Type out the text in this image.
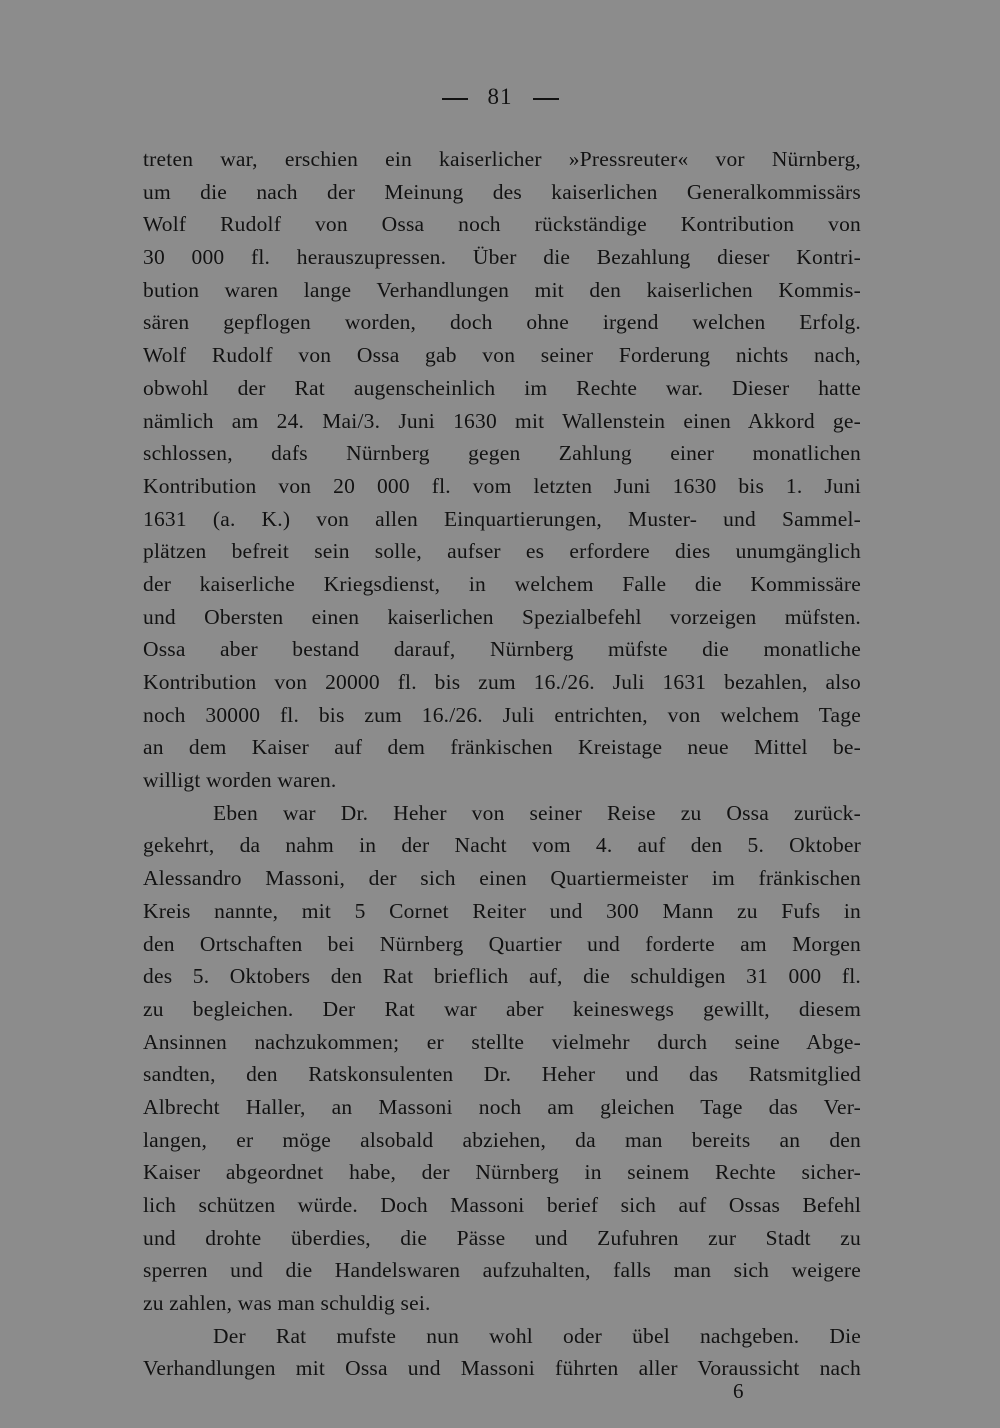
81
treten war, erschien ein kaiserlicher »Pressreuter« vor Nürnberg,
um die nach der Meinung des kaiserlichen Generalkommissärs
Wolf Rudolf von Ossa noch rückständige Kontribution von
30 000 fl. herauszupressen. Über die Bezahlung dieser Kontri-
bution waren lange Verhandlungen mit den kaiserlichen Kommis-
sären gepflogen worden, doch ohne irgend welchen Erfolg.
Wolf Rudolf von Ossa gab von seiner Forderung nichts nach,
obwohl der Rat augenscheinlich im Rechte war. Dieser hatte
nämlich am 24. Mai/3. Juni 1630 mit Wallenstein einen Akkord ge-
schlossen, dafs Nürnberg gegen Zahlung einer monatlichen
Kontribution von 20 000 fl. vom letzten Juni 1630 bis 1. Juni
1631 (a. K.) von allen Einquartierungen, Muster- und Sammel-
plätzen befreit sein solle, aufser es erfordere dies unumgänglich
der kaiserliche Kriegsdienst, in welchem Falle die Kommissäre
und Obersten einen kaiserlichen Spezialbefehl vorzeigen müfsten.
Ossa aber bestand darauf, Nürnberg müfste die monatliche
Kontribution von 20000 fl. bis zum 16./26. Juli 1631 bezahlen, also
noch 30000 fl. bis zum 16./26. Juli entrichten, von welchem Tage
an dem Kaiser auf dem fränkischen Kreistage neue Mittel be-
willigt worden waren.
Eben war Dr. Heher von seiner Reise zu Ossa zurück-
gekehrt, da nahm in der Nacht vom 4. auf den 5. Oktober
Alessandro Massoni, der sich einen Quartiermeister im fränkischen
Kreis nannte, mit 5 Cornet Reiter und 300 Mann zu Fufs in
den Ortschaften bei Nürnberg Quartier und forderte am Morgen
des 5. Oktobers den Rat brieflich auf, die schuldigen 31 000 fl.
zu begleichen. Der Rat war aber keineswegs gewillt, diesem
Ansinnen nachzukommen; er stellte vielmehr durch seine Abge-
sandten, den Ratskonsulenten Dr. Heher und das Ratsmitglied
Albrecht Haller, an Massoni noch am gleichen Tage das Ver-
langen, er möge alsobald abziehen, da man bereits an den
Kaiser abgeordnet habe, der Nürnberg in seinem Rechte sicher-
lich schützen würde. Doch Massoni berief sich auf Ossas Befehl
und drohte überdies, die Pässe und Zufuhren zur Stadt zu
sperren und die Handelswaren aufzuhalten, falls man sich weigere
zu zahlen, was man schuldig sei.
Der Rat mufste nun wohl oder übel nachgeben. Die
Verhandlungen mit Ossa und Massoni führten aller Voraussicht nach
6
